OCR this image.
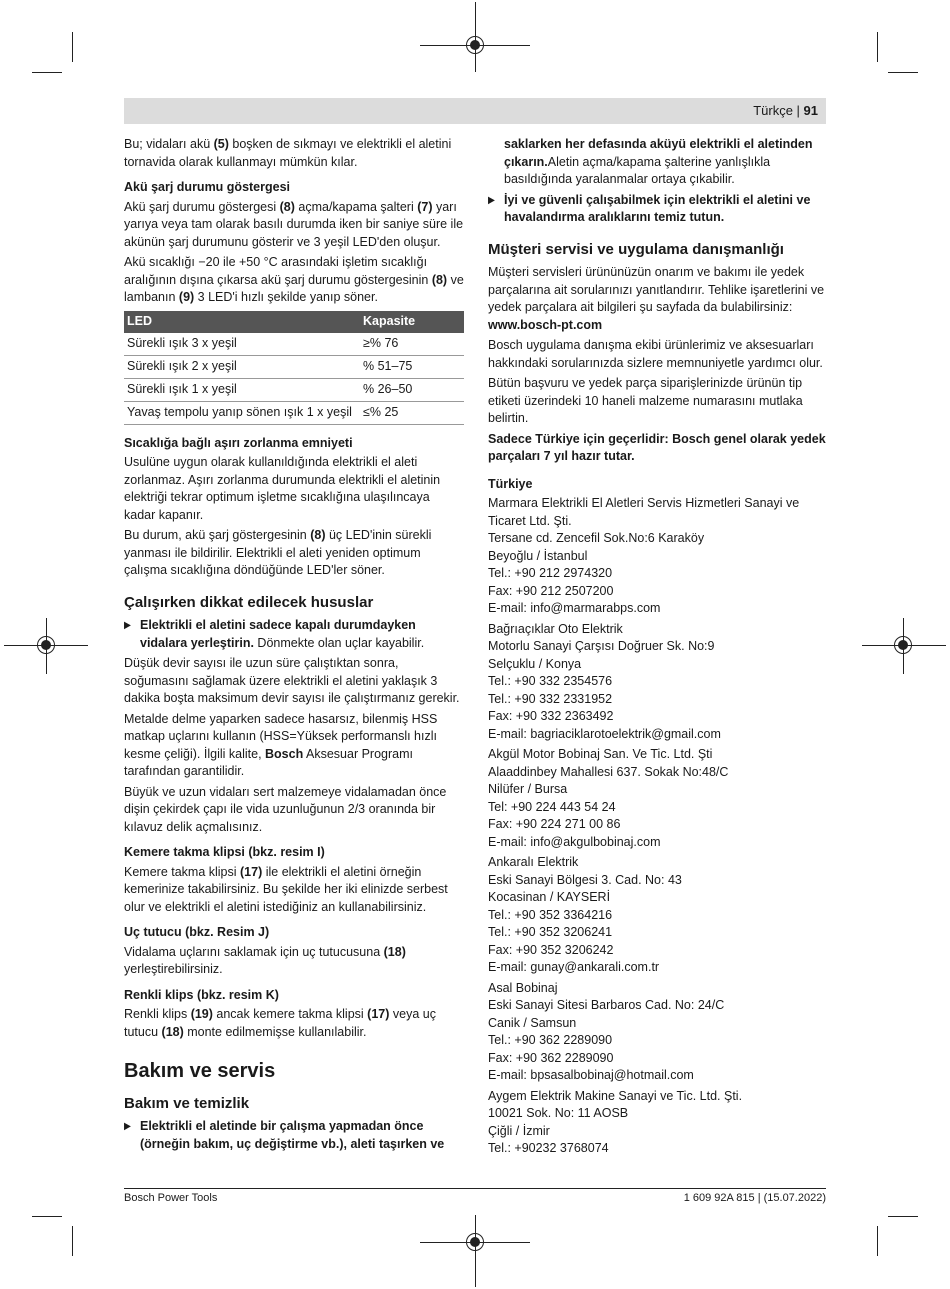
Türkçe | 91

Bu; vidaları akü (5) boşken de sıkmayı ve elektrikli el aletini tornavida olarak kullanmayı mümkün kılar.

Akü şarj durumu göstergesi

Akü şarj durumu göstergesi (8) açma/kapama şalteri (7) yarı yarıya veya tam olarak basılı durumda iken bir saniye süre ile akünün şarj durumunu gösterir ve 3 yeşil LED'den oluşur.

Akü sıcaklığı −20 ile +50 °C arasındaki işletim sıcaklığı aralığının dışına çıkarsa akü şarj durumu göstergesinin (8) ve lambanın (9) 3 LED'i hızlı şekilde yanıp söner.

LED	Kapasite
Sürekli ışık 3 x yeşil	≥% 76
Sürekli ışık 2 x yeşil	% 51–75
Sürekli ışık 1 x yeşil	% 26–50
Yavaş tempolu yanıp sönen ışık 1 x yeşil	≤% 25

Sıcaklığa bağlı aşırı zorlanma emniyeti

Usulüne uygun olarak kullanıldığında elektrikli el aleti zorlanmaz. Aşırı zorlanma durumunda elektrikli el aletinin elektriği tekrar optimum işletme sıcaklığına ulaşılıncaya kadar kapanır.

Bu durum, akü şarj göstergesinin (8) üç LED'inin sürekli yanması ile bildirilir. Elektrikli el aleti yeniden optimum çalışma sıcaklığına döndüğünde LED'ler söner.

Çalışırken dikkat edilecek hususlar

▶ Elektrikli el aletini sadece kapalı durumdayken vidalara yerleştirin. Dönmekte olan uçlar kayabilir.

Düşük devir sayısı ile uzun süre çalıştıktan sonra, soğumasını sağlamak üzere elektrikli el aletini yaklaşık 3 dakika boşta maksimum devir sayısı ile çalıştırmanız gerekir.

Metalde delme yaparken sadece hasarsız, bilenmiş HSS matkap uçlarını kullanın (HSS=Yüksek performanslı hızlı kesme çeliği). İlgili kalite, Bosch Aksesuar Programı tarafından garantilidir.

Büyük ve uzun vidaları sert malzemeye vidalamadan önce dişin çekirdek çapı ile vida uzunluğunun 2/3 oranında bir kılavuz delik açmalısınız.

Kemere takma klipsi (bkz. resim I)

Kemere takma klipsi (17) ile elektrikli el aletini örneğin kemerinize takabilirsiniz. Bu şekilde her iki elinizde serbest olur ve elektrikli el aletini istediğiniz an kullanabilirsiniz.

Uç tutucu (bkz. Resim J)

Vidalama uçlarını saklamak için uç tutucusuna (18) yerleştirebilirsiniz.

Renkli klips (bkz. resim K)

Renkli klips (19) ancak kemere takma klipsi (17) veya uç tutucu (18) monte edilmemişse kullanılabilir.

Bakım ve servis

Bakım ve temizlik

▶ Elektrikli el aletinde bir çalışma yapmadan önce (örneğin bakım, uç değiştirme vb.), aleti taşırken ve

saklarken her defasında aküyü elektrikli el aletinden çıkarın.Aletin açma/kapama şalterine yanlışlıkla basıldığında yaralanmalar ortaya çıkabilir.

▶ İyi ve güvenli çalışabilmek için elektrikli el aletini ve havalandırma aralıklarını temiz tutun.

Müşteri servisi ve uygulama danışmanlığı

Müşteri servisleri ürününüzün onarım ve bakımı ile yedek parçalarına ait sorularınızı yanıtlandırır. Tehlike işaretlerini ve yedek parçalara ait bilgileri şu sayfada da bulabilirsiniz:

www.bosch-pt.com

Bosch uygulama danışma ekibi ürünlerimiz ve aksesuarları hakkındaki sorularınızda sizlere memnuniyetle yardımcı olur.

Bütün başvuru ve yedek parça siparişlerinizde ürünün tip etiketi üzerindeki 10 haneli malzeme numarasını mutlaka belirtin.

Sadece Türkiye için geçerlidir: Bosch genel olarak yedek parçaları 7 yıl hazır tutar.

Türkiye

Marmara Elektrikli El Aletleri Servis Hizmetleri Sanayi ve Ticaret Ltd. Şti.

Tersane cd. Zencefil Sok.No:6 Karaköy

Beyoğlu / İstanbul

Tel.: +90 212 2974320

Fax: +90 212 2507200

E-mail: info@marmarabps.com

Bağrıaçıklar Oto Elektrik

Motorlu Sanayi Çarşısı Doğruer Sk. No:9

Selçuklu / Konya

Tel.: +90 332 2354576

Tel.: +90 332 2331952

Fax: +90 332 2363492

E-mail: bagriaciklarotoelektrik@gmail.com

Akgül Motor Bobinaj San. Ve Tic. Ltd. Şti

Alaaddinbey Mahallesi 637. Sokak No:48/C

Nilüfer / Bursa

Tel: +90 224 443 54 24

Fax: +90 224 271 00 86

E-mail: info@akgulbobinaj.com

Ankaralı Elektrik

Eski Sanayi Bölgesi 3. Cad. No: 43

Kocasinan / KAYSERİ

Tel.: +90 352 3364216

Tel.: +90 352 3206241

Fax: +90 352 3206242

E-mail: gunay@ankarali.com.tr

Asal Bobinaj

Eski Sanayi Sitesi Barbaros Cad. No: 24/C

Canik / Samsun

Tel.: +90 362 2289090

Fax: +90 362 2289090

E-mail: bpsasalbobinaj@hotmail.com

Aygem Elektrik Makine Sanayi ve Tic. Ltd. Şti.

10021 Sok. No: 11 AOSB

Çiğli / İzmir

Tel.: +90232 3768074

Bosch Power Tools	1 609 92A 815 | (15.07.2022)
